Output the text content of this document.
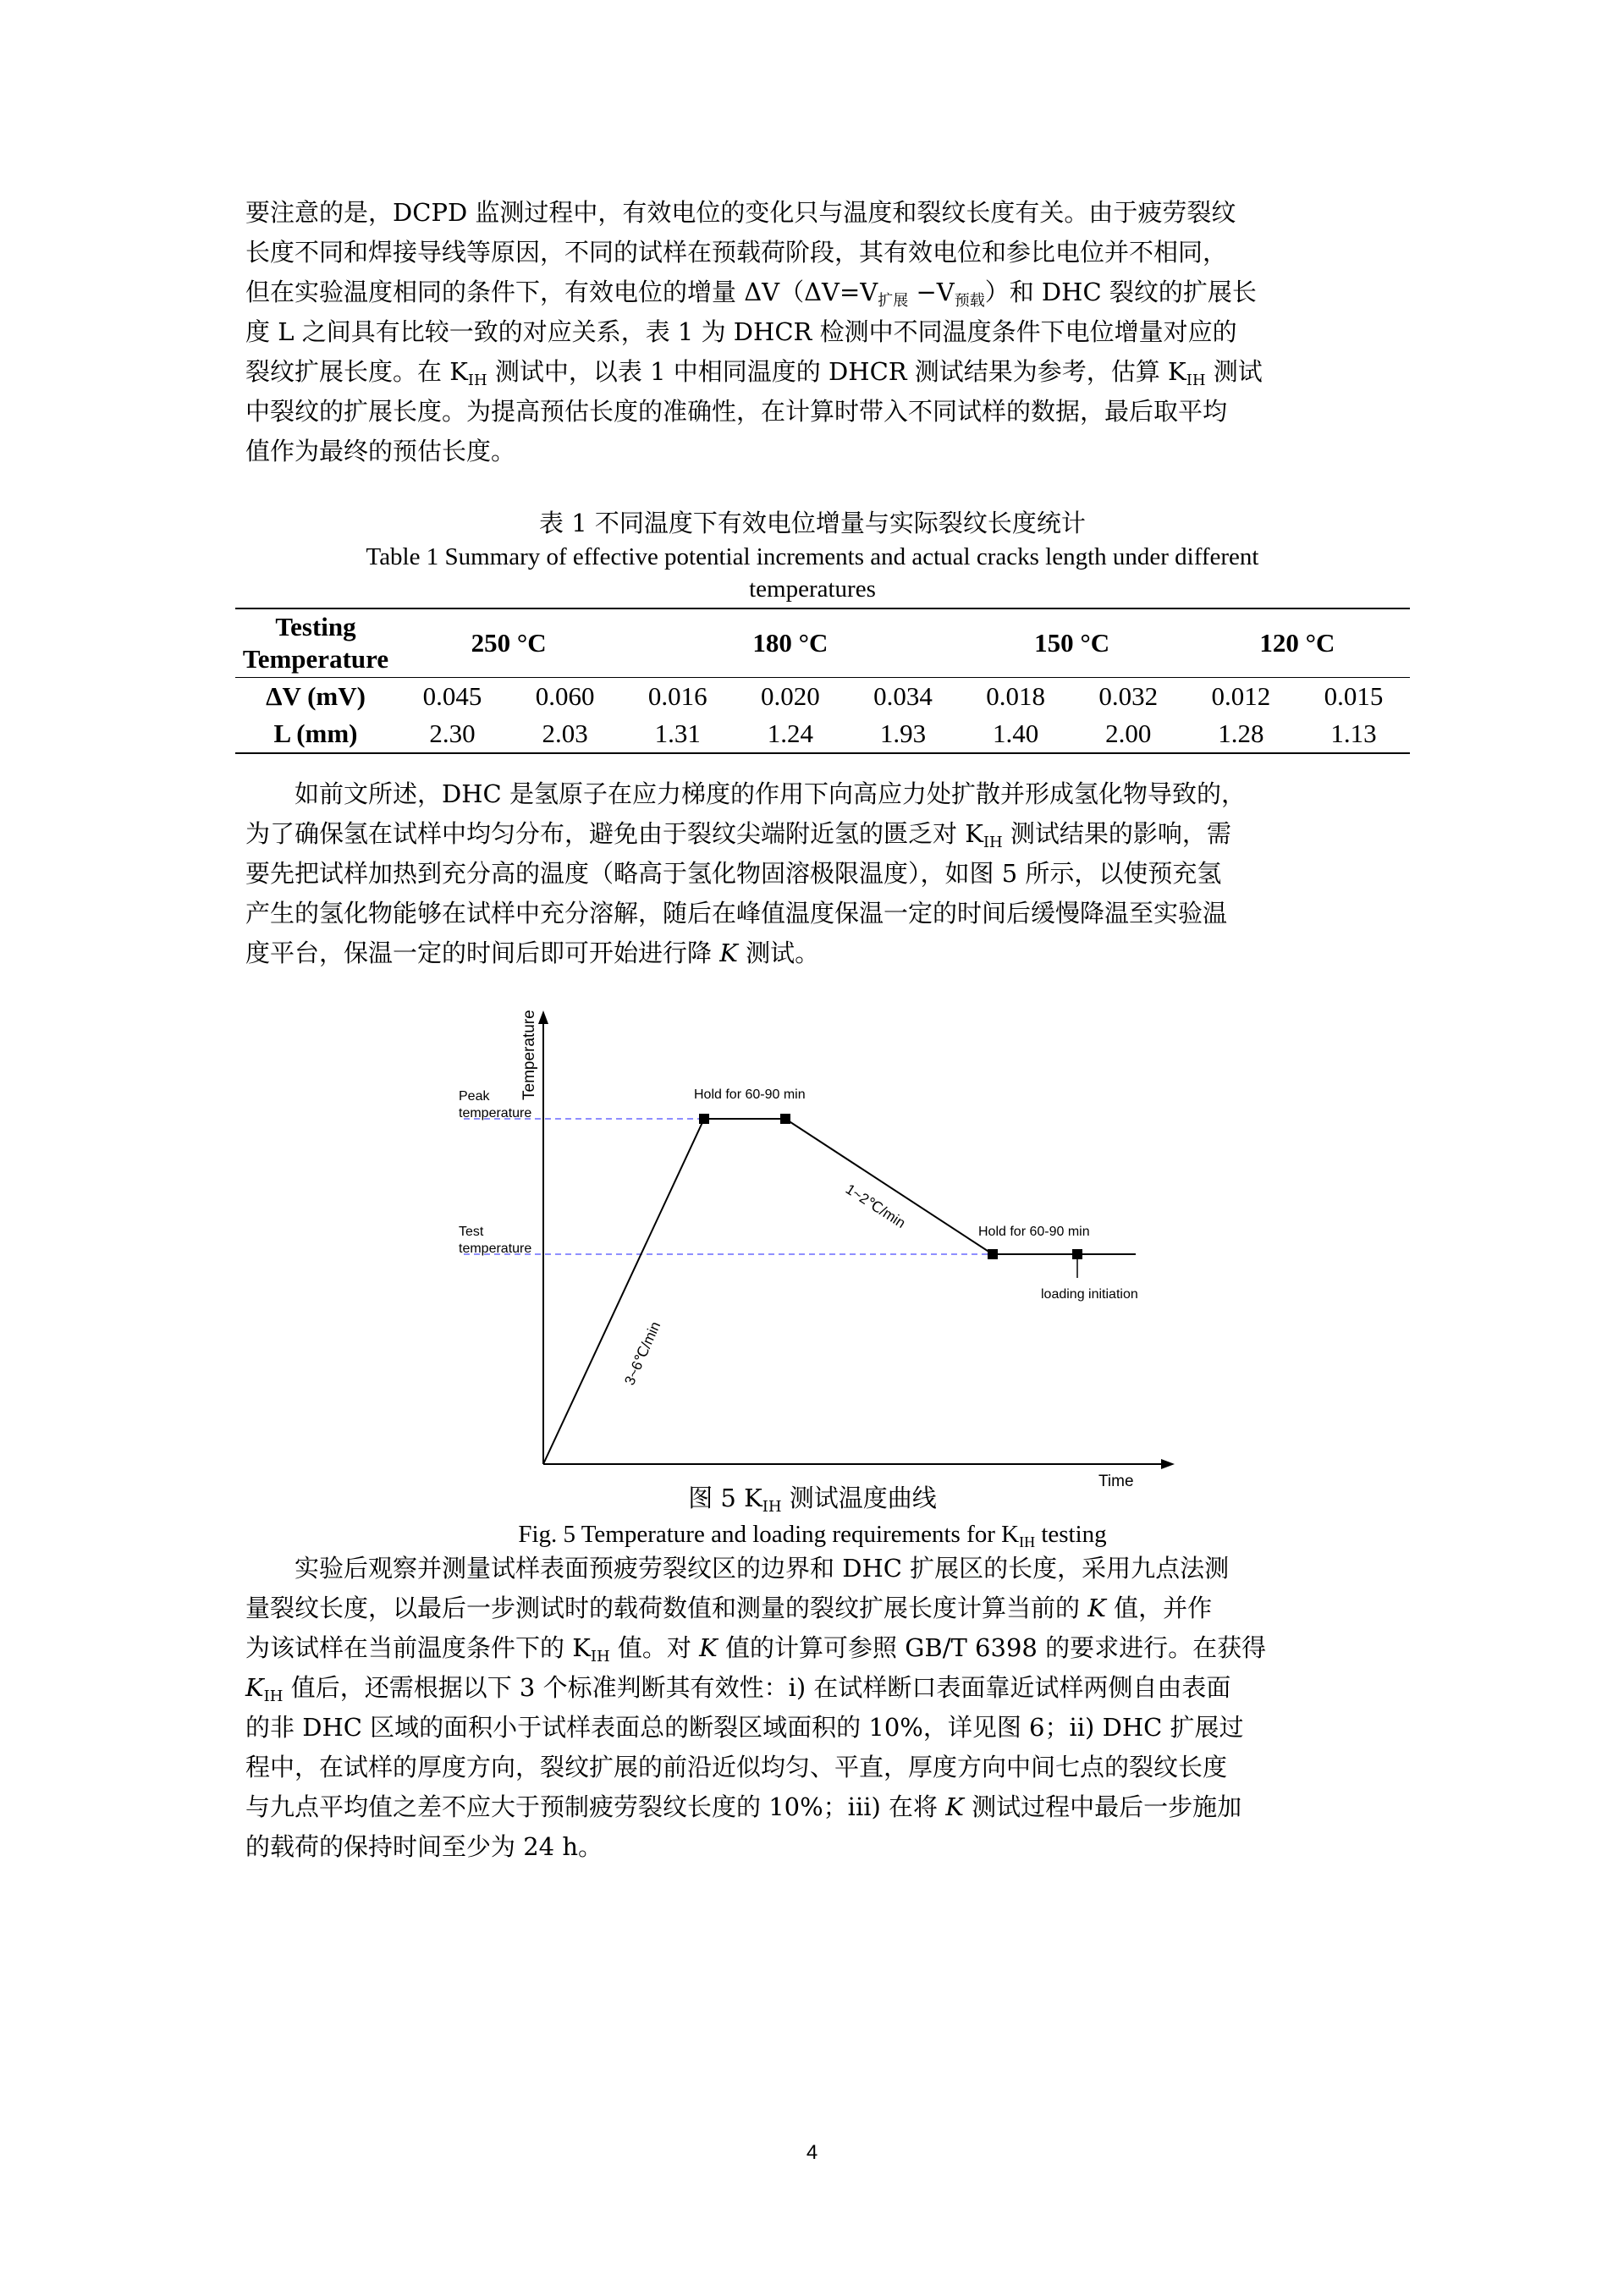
要注意的是，DCPD 监测过程中，有效电位的变化只与温度和裂纹长度有关。由于疲劳裂纹
长度不同和焊接导线等原因，不同的试样在预载荷阶段，其有效电位和参比电位并不相同，
但在实验温度相同的条件下，有效电位的增量 $\Delta V(\Delta V=V_{扩展} -V_{预载})$和 DHC 裂纹的扩展长
度 L 之间具有比较一致的对应关系，表 1 为 DHCR 检测中不同温度条件下电位增量对应的
裂纹扩展长度。在 $K_{IH}$ 测试中，以表 1 中相同温度的 DHCR 测试结果为参考，估算 $K_{IH}$ 测试
中裂纹的扩展长度。为提高预估长度的准确性，在计算时带入不同试样的数据，最后取平均
值作为最终的预估长度。
表 1 不同温度下有效电位增量与实际裂纹长度统计
Table 1 Summary of effective potential increments and actual cracks length under different
temperatures
Testing
Temperature	250 °C		180 °C			150 °C		120 °C	
ΔV (mV)	0.045	0.060	0.016	0.020	0.034	0.018	0.032	0.012	0.015
L (mm)	2.30	2.03	1.31	1.24	1.93	1.40	2.00	1.28	1.13
如前文所述，DHC 是氢原子在应力梯度的作用下向高应力处扩散并形成氢化物导致的，
为了确保氢在试样中均匀分布，避免由于裂纹尖端附近氢的匮乏对 $K_{IH}$ 测试结果的影响，需
要先把试样加热到充分高的温度（略高于氢化物固溶极限温度），如图 5 所示，以使预充氢
产生的氢化物能够在试样中充分溶解，随后在峰值温度保温一定的时间后缓慢降温至实验温
度平台，保温一定的时间后即可开始进行降 K 测试。
Temperature
Time
Peak
temperature
Test
temperature
Hold for 60-90 min
Hold for 60-90 min
loading initiation
1~2℃/min
3~6℃/min
图 5 $K_{IH}$ 测试温度曲线
Fig. 5 Temperature and loading requirements for $K_{IH}$ testing
实验后观察并测量试样表面预疲劳裂纹区的边界和 DHC 扩展区的长度，采用九点法测
量裂纹长度，以最后一步测试时的载荷数值和测量的裂纹扩展长度计算当前的 K 值，并作
为该试样在当前温度条件下的 $K_{IH}$ 值。对 K 值的计算可参照 GB/T 6398 的要求进行。在获得
$K_{IH}$ 值后，还需根据以下 3 个标准判断其有效性：i) 在试样断口表面靠近试样两侧自由表面
的非 DHC 区域的面积小于试样表面总的断裂区域面积的 10%，详见图 6；ii) DHC 扩展过
程中，在试样的厚度方向，裂纹扩展的前沿近似均匀、平直，厚度方向中间七点的裂纹长度
与九点平均值之差不应大于预制疲劳裂纹长度的 10%；iii) 在将 K 测试过程中最后一步施加
的载荷的保持时间至少为 24 h。
4
